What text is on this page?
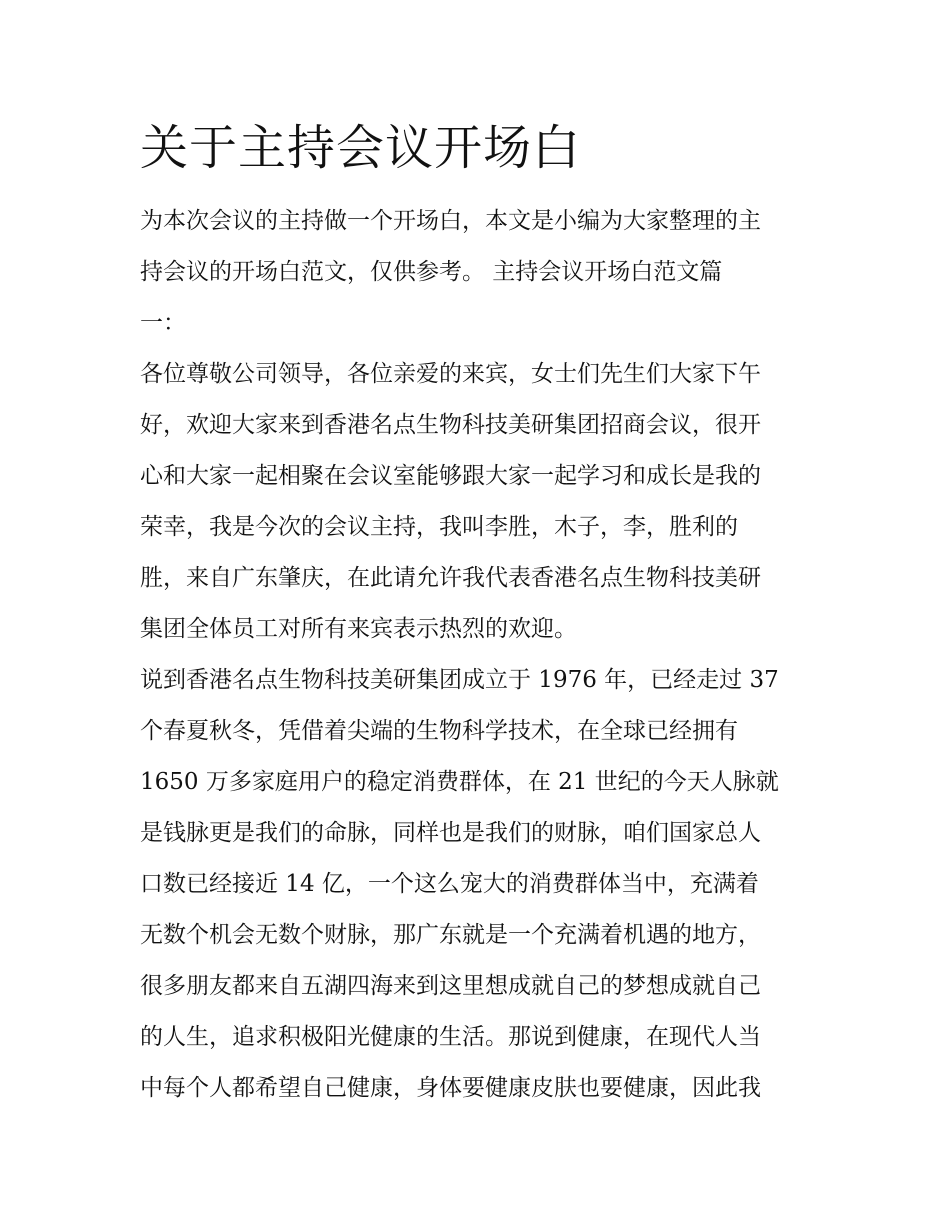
关于主持会议开场白

为本次会议的主持做一个开场白，本文是小编为大家整理的主

持会议的开场白范文，仅供参考。 主持会议开场白范文篇

一：

各位尊敬公司领导，各位亲爱的来宾，女士们先生们大家下午

好，欢迎大家来到香港名点生物科技美研集团招商会议，很开

心和大家一起相聚在会议室能够跟大家一起学习和成长是我的

荣幸，我是今次的会议主持，我叫李胜，木子，李，胜利的

胜，来自广东肇庆，在此请允许我代表香港名点生物科技美研

集团全体员工对所有来宾表示热烈的欢迎。

说到香港名点生物科技美研集团成立于 1976 年，已经走过 37

个春夏秋冬，凭借着尖端的生物科学技术，在全球已经拥有

1650 万多家庭用户的稳定消费群体，在 21 世纪的今天人脉就

是钱脉更是我们的命脉，同样也是我们的财脉，咱们国家总人

口数已经接近 14 亿，一个这么宠大的消费群体当中，充满着

无数个机会无数个财脉，那广东就是一个充满着机遇的地方，

很多朋友都来自五湖四海来到这里想成就自己的梦想成就自己

的人生，追求积极阳光健康的生活。那说到健康，在现代人当

中每个人都希望自己健康，身体要健康皮肤也要健康，因此我
